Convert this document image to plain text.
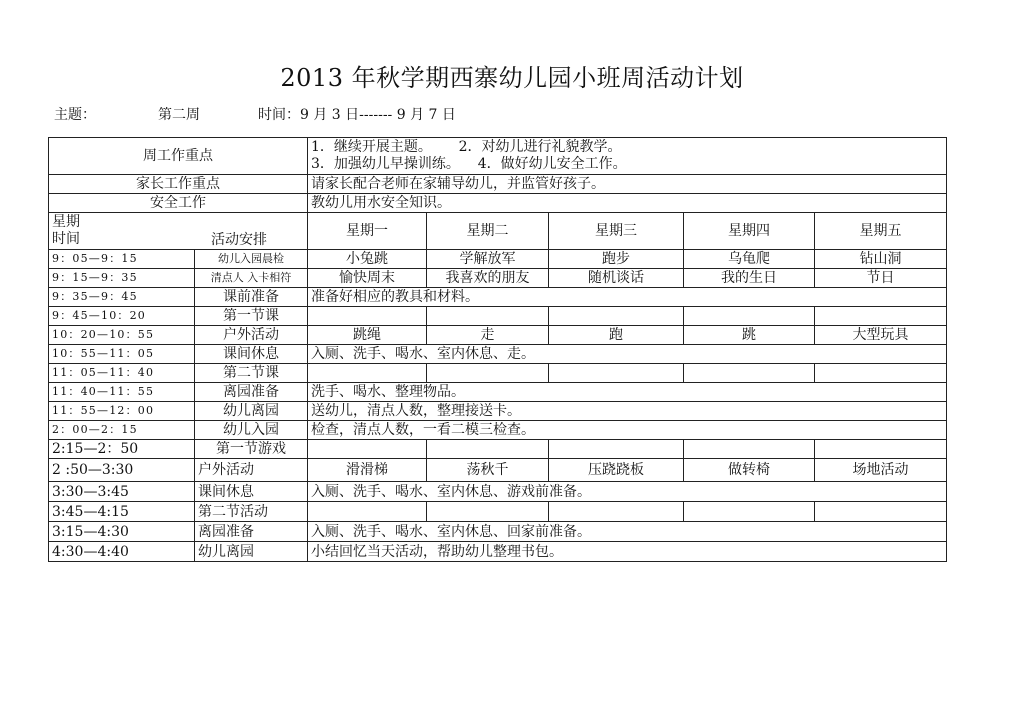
2013 年秋学期西寨幼儿园小班周活动计划
主题：	第二周	时间：9 月 3 日------- 9 月 7 日
周工作重点		1．继续开展主题。      2．对幼儿进行礼貌教学。
3．加强幼儿早操训练。    4．做好幼儿安全工作。				

家长工作重点		请家长配合老师在家辅导幼儿，并监管好孩子。				
安全工作		教幼儿用水安全知识。				

星期
时间 活动安排		星期一	星期二	星期三	星期四	星期五
9：05—9：15	幼儿入园晨检	小兔跳	学解放军	跑步	乌龟爬	钻山洞
9：15—9：35	清点人 入卡相符	愉快周末	我喜欢的朋友	随机谈话	我的生日	节日
9：35—9：45	课前准备	准备好相应的教具和材料。				
9：45—10：20	第一节课					
10：20—10：55	户外活动	跳绳	走	跑	跳	大型玩具
10：55—11：05	课间休息	入厕、洗手、喝水、室内休息、走。				
11：05—11：40	第二节课					
11：40—11：55	离园准备	洗手、喝水、整理物品。				
11：55—12：00	幼儿离园	送幼儿，清点人数，整理接送卡。				
2：00—2：15	幼儿入园	检查，清点人数，一看二模三检查。				
2:15—2：50	第一节游戏					
2 :50—3:30	户外活动	滑滑梯	荡秋千	压跷跷板	做转椅	场地活动
3:30—3:45	课间休息	入厕、洗手、喝水、室内休息、游戏前准备。				
3:45—4:15	第二节活动					
3:15—4:30	离园准备	入厕、洗手、喝水、室内休息、回家前准备。				
4:30—4:40	幼儿离园	小结回忆当天活动，帮助幼儿整理书包。				
